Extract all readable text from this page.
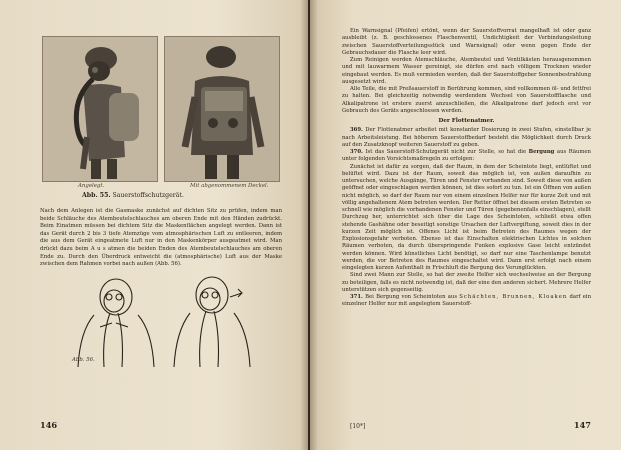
Angelegt.	Mit abgenommenem Deckel.
Abb. 55. Sauerstoffschutzgerät.
Nach dem Anlegen ist die Gasmaske zunächst auf dichten Sitz zu prüfen, indem man beide Schläuche des Atembeutelschlauches am oberen Ende mit den Händen zudrückt. Beim Einatmen müssen bei dichtem Sitz die Maskenflächen angelegt werden. Dann ist das Gerät durch 2 bis 3 tiefe Atemzüge vom atmosphärischen Luft zu entleeren, indem die aus dem Gerät eingeatmete Luft nur in den Maskenkörper ausgeatmet wird. Man drückt dazu beim A u s atmen die beiden Enden des Atembeutelschlauches am oberen Ende zu. Durch den Überdruck entweicht die (atmosphärische) Luft aus der Maske zwischen dem Rahmen vorbei nach außen (Abb. 56).
Abb. 56.
146

Ein Warnsignal (Pfeifen) ertönt, wenn der Sauerstoffvorrat mangelhaft ist oder ganz ausbleibt (z. B. geschlossenes Flaschenventil, Undichtigkeit der Verbindungsleitung zwischen Sauerstoffverteilungsstück und Warnsignal) oder wenn gegen Ende der Gebrauchsdauer die Flasche leer wird.

Zum Reinigen werden Atemschläuche, Atembeutel und Ventilkästen herausgenommen und mit lauwarmem Wasser gereinigt, sie dürfen erst nach völligem Trocknen wieder eingebaut werden. Es muß vermieden werden, daß der Sauerstoffgeber Sonnenbestrahlung ausgesetzt wird.

Alle Teile, die mit Preßsauerstoff in Berührung kommen, sind vollkommen öl- und fettfrei zu halten. Bei gleichzeitig notwendig werdendem Wechsel von Sauerstoffflasche und Alkalipatrone ist erstere zuerst anzuschließen, die Alkalipatrone darf jedoch erst vor Gebrauch des Geräts angeschlossen werden.

Der Flottenatmer.

369. Der Flottenatmer arbeitet mit konstanter Dosierung in zwei Stufen, einstellbar je nach Arbeitsleistung. Bei höherem Sauerstoffbedarf besteht die Möglichkeit durch Druck auf den Zusatzknopf weiteren Sauerstoff zu geben.

370. Ist das Sauerstoff-Schutzgerät nicht zur Stelle, so hat die Bergung aus Räumen unter folgenden Vorsichtsmaßregeln zu erfolgen:

Zunächst ist dafür zu sorgen, daß der Raum, in dem der Scheintote liegt, entlüftet und belüftet wird. Dazu ist der Raum, soweit das möglich ist, von außen daraufhin zu untersuchen, welche Ausgänge, Türen und Fenster vorhanden sind. Soweit diese von außen geöffnet oder eingeschlagen werden können, ist dies sofort zu tun. Ist ein Öffnen von außen nicht möglich, so darf der Raum nur von einem einzelnen Helfer nur für kurze Zeit und mit völlig angehaltenem Atem betreten werden. Der Retter öffnet bei diesem ersten Betreten so schnell wie möglich die vorhandenen Fenster und Türen (gegebenenfalls einschlagen), stellt Durchzug her, unterrichtet sich über die Lage des Scheintoten, schließt etwa offen stehende Gashähne oder beseitigt sonstige Ursachen der Luftvergiftung, soweit dies in der kurzen Zeit möglich ist. Offenes Licht ist beim Betreten des Raumes wegen der Explosionsgefahr verboten. Ebenso ist das Einschalten elektrischen Lichtes in solchen Räumen verboten, da durch überspringende Funken explosive Gase leicht entzündet werden können. Wird künstliches Licht benötigt, so darf nur eine Taschenlampe benutzt werden, die vor Betreten des Raumes eingeschaltet wird. Dann erst erfolgt nach einem eingelegten kurzen Aufenthalt in Frischluft die Bergung des Verunglückten.

Sind zwei Mann zur Stelle, so hat der zweite Helfer sich wechselweise an der Bergung zu beteiligen, falls es nicht notwendig ist, daß der eine den anderen sichert. Mehrere Helfer unterstützen sich gegenseitig.

371. Bei Bergung von Scheintoten aus Schächten, Brunnen, Kloaken darf ein einzelner Helfer nur mit angelegtem Sauerstoff-

[10*]	147
